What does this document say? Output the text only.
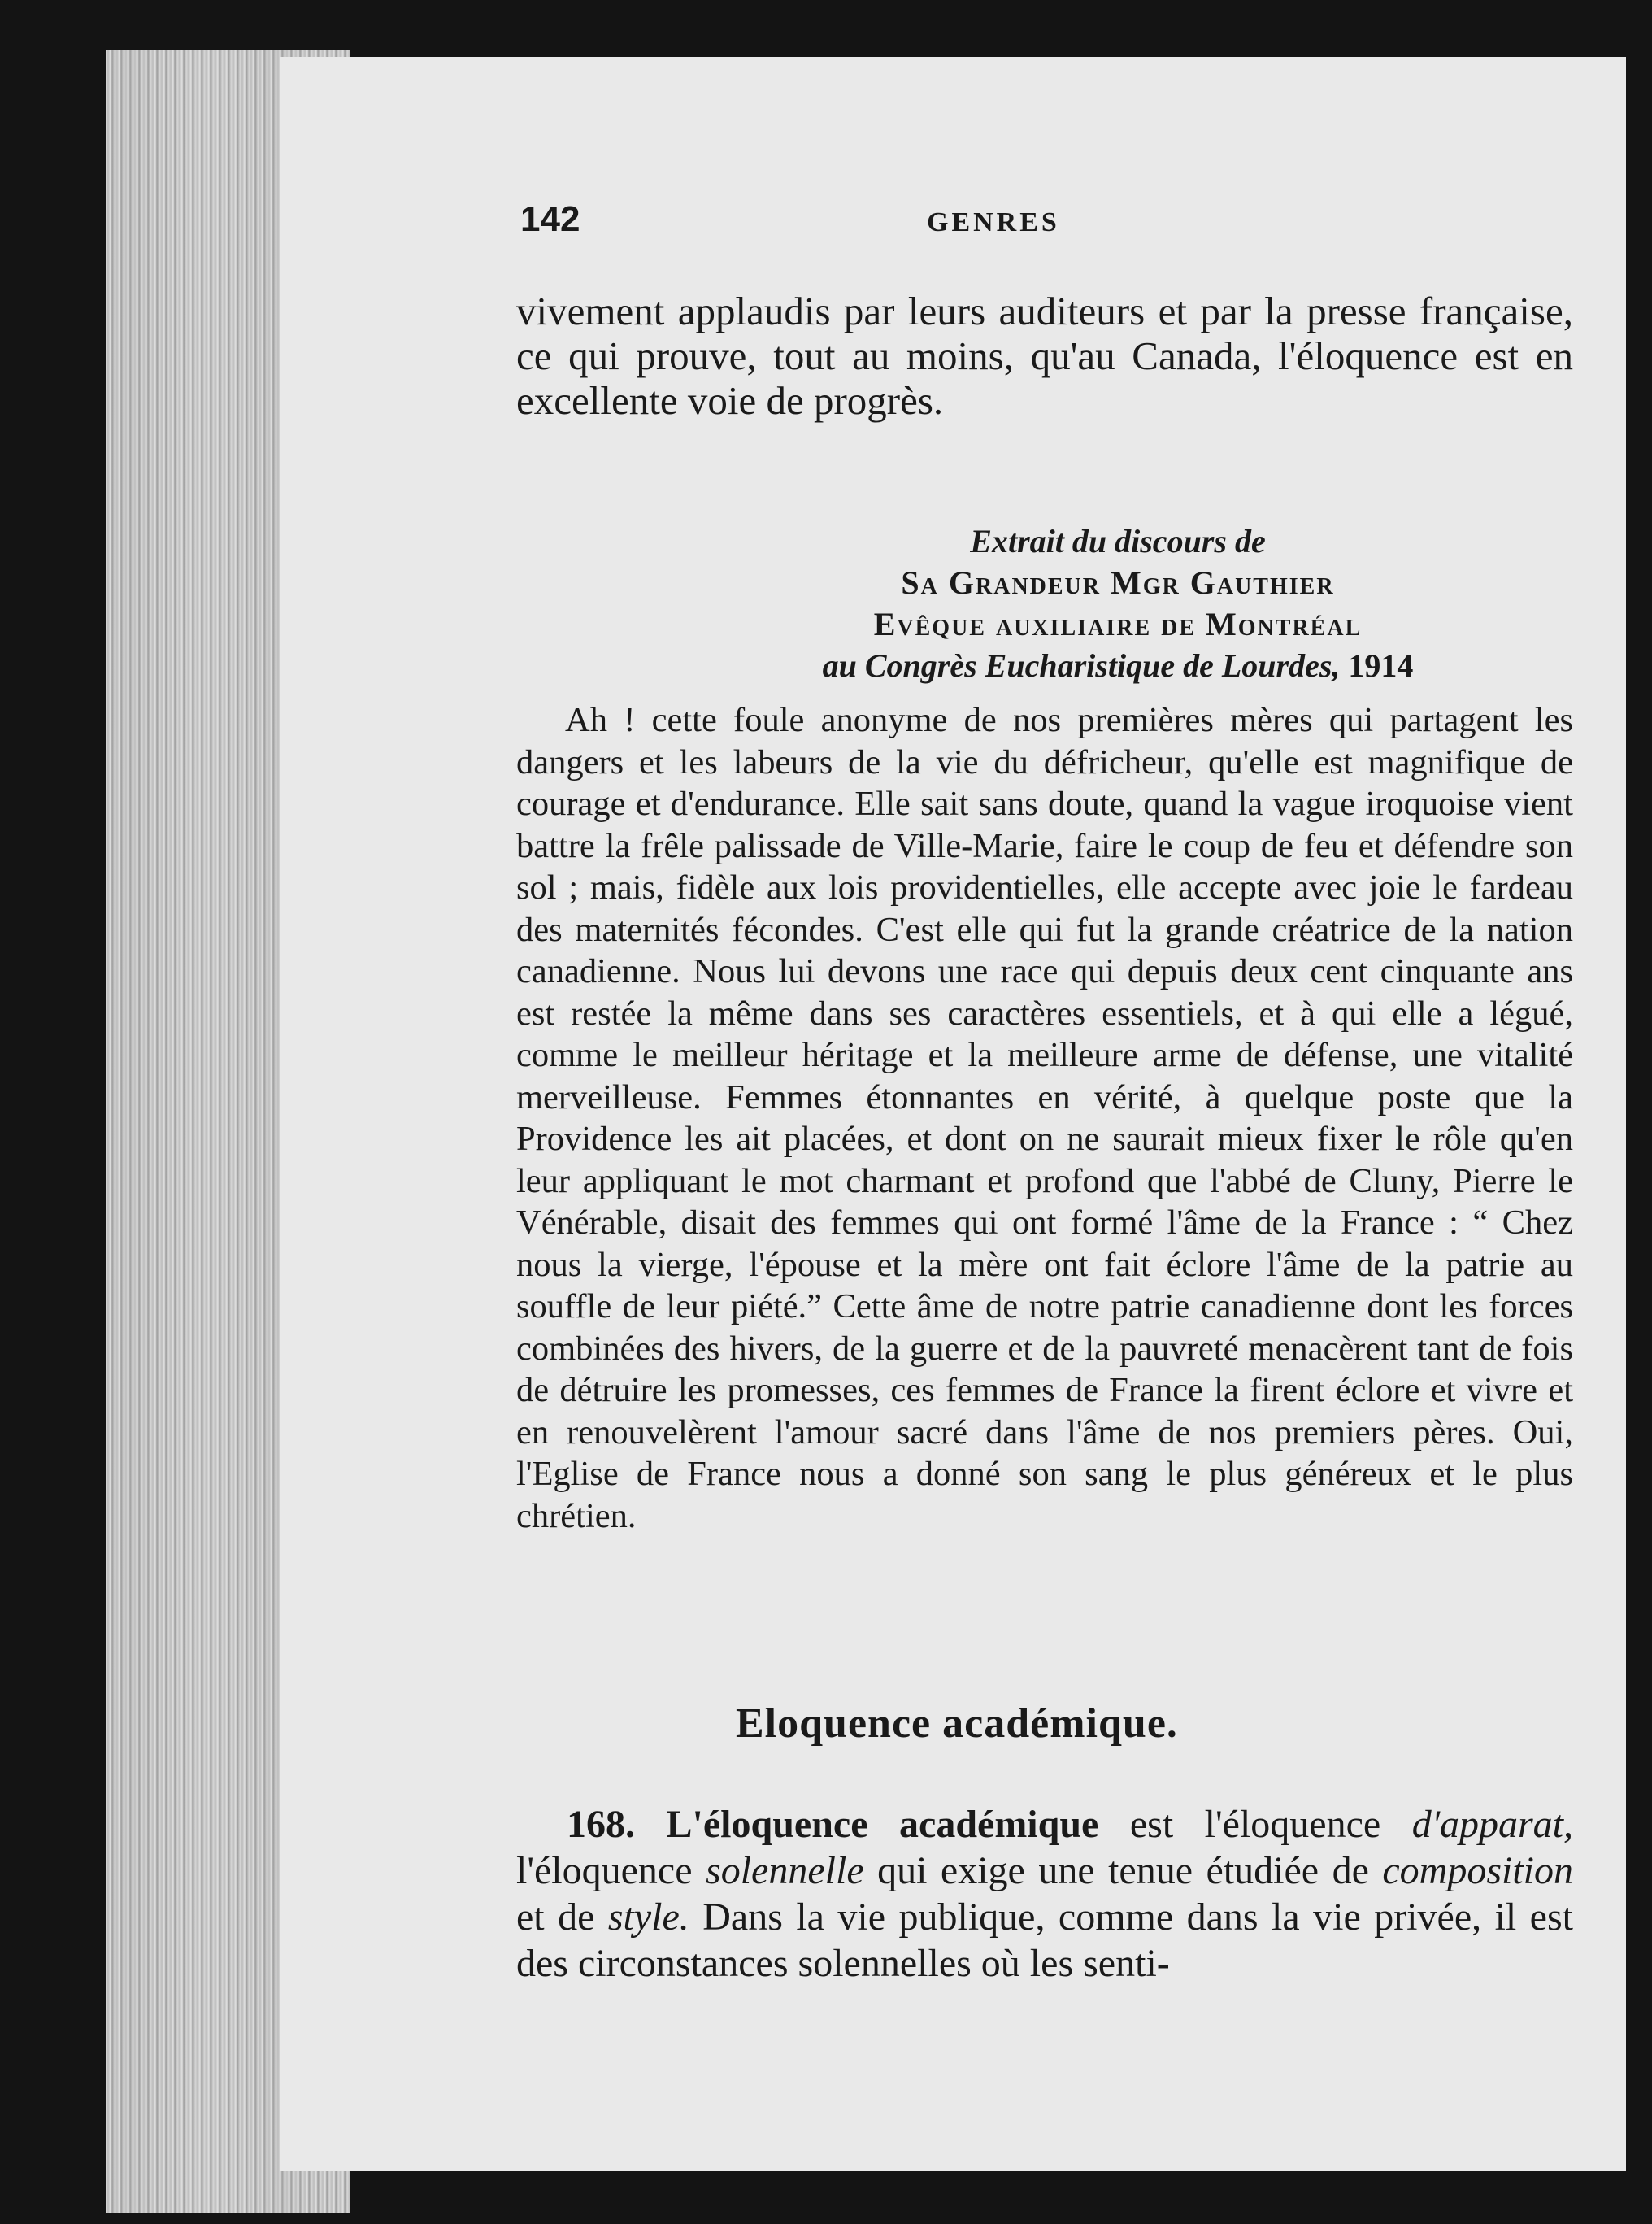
142	GENRES

vivement applaudis par leurs auditeurs et par la presse française, ce qui prouve, tout au moins, qu'au Canada, l'éloquence est en excellente voie de progrès.

Extrait du discours de
Sa Grandeur Mgr Gauthier
Evêque auxiliaire de Montréal
au Congrès Eucharistique de Lourdes, 1914

Ah ! cette foule anonyme de nos premières mères qui partagent les dangers et les labeurs de la vie du défricheur, qu'elle est magnifique de courage et d'endurance. Elle sait sans doute, quand la vague iroquoise vient battre la frêle palissade de Ville-Marie, faire le coup de feu et défendre son sol ; mais, fidèle aux lois providentielles, elle accepte avec joie le fardeau des maternités fécondes. C'est elle qui fut la grande créatrice de la nation canadienne. Nous lui devons une race qui depuis deux cent cinquante ans est restée la même dans ses caractères essentiels, et à qui elle a légué, comme le meilleur héritage et la meilleure arme de défense, une vitalité merveilleuse. Femmes étonnantes en vérité, à quelque poste que la Providence les ait placées, et dont on ne saurait mieux fixer le rôle qu'en leur appliquant le mot charmant et profond que l'abbé de Cluny, Pierre le Vénérable, disait des femmes qui ont formé l'âme de la France : “ Chez nous la vierge, l'épouse et la mère ont fait éclore l'âme de la patrie au souffle de leur piété.” Cette âme de notre patrie canadienne dont les forces combinées des hivers, de la guerre et de la pauvreté menacèrent tant de fois de détruire les promesses, ces femmes de France la firent éclore et vivre et en renouvelèrent l'amour sacré dans l'âme de nos premiers pères. Oui, l'Eglise de France nous a donné son sang le plus généreux et le plus chrétien.

Eloquence académique.

168. L'éloquence académique est l'éloquence d'apparat, l'éloquence solennelle qui exige une tenue étudiée de composition et de style. Dans la vie publique, comme dans la vie privée, il est des circonstances solennelles où les senti-
